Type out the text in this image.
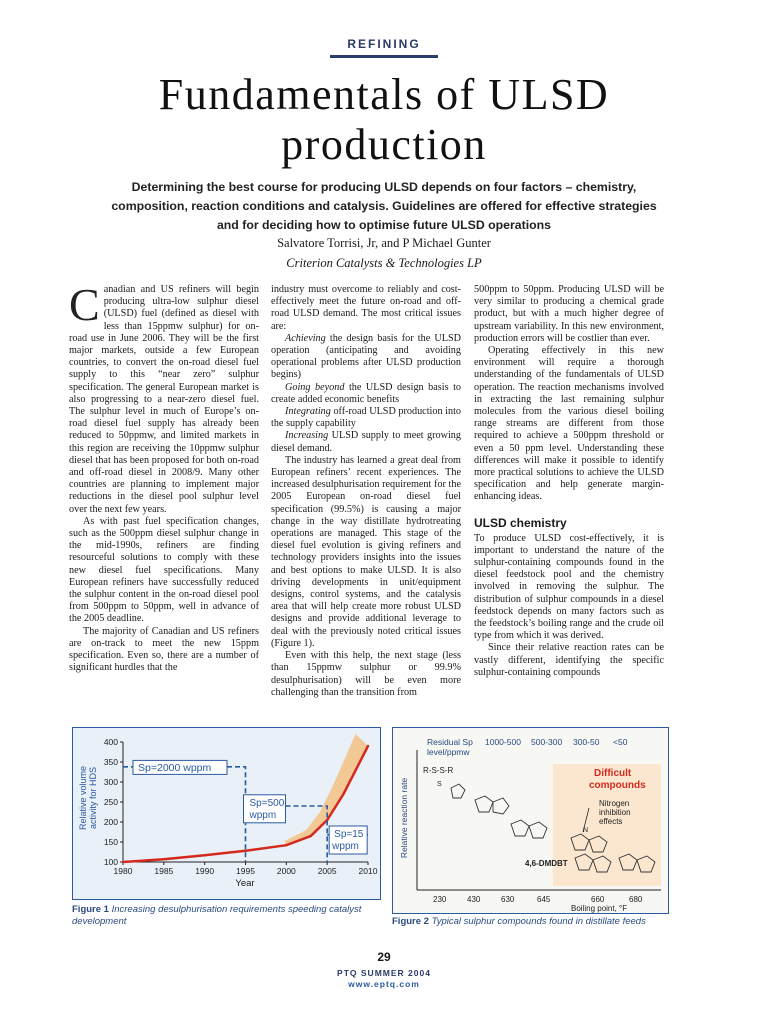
REFINING
Fundamentals of ULSD
production
Determining the best course for producing ULSD depends on four factors – chemistry, composition, reaction conditions and catalysis. Guidelines are offered for effective strategies and for deciding how to optimise future ULSD operations
Salvatore Torrisi, Jr, and P Michael Gunter
Criterion Catalysts & Technologies LP

Canadian and US refiners will begin producing ultra-low sulphur diesel (ULSD) fuel (defined as diesel with less than 15ppmw sulphur) for on-road use in June 2006. They will be the first major markets, outside a few European countries, to convert the on-road diesel fuel supply to this “near zero” sulphur specification. The general European market is also progressing to a near-zero diesel fuel. The sulphur level in much of Europe’s on-road diesel fuel supply has already been reduced to 50ppmw, and limited markets in this region are receiving the 10ppmw sulphur diesel that has been proposed for both on-road and off-road diesel in 2008/9. Many other countries are planning to implement major reductions in the diesel pool sulphur level over the next few years.

As with past fuel specification changes, such as the 500ppm diesel sulphur change in the mid-1990s, refiners are finding resourceful solutions to comply with these new diesel fuel specifications. Many European refiners have successfully reduced the sulphur content in the on-road diesel pool from 500ppm to 50ppm, well in advance of the 2005 deadline.

The majority of Canadian and US refiners are on-track to meet the new 15ppm specification. Even so, there are a number of significant hurdles that the

industry must overcome to reliably and cost-effectively meet the future on-road and off-road ULSD demand. The most critical issues are:

Achieving the design basis for the ULSD operation (anticipating and avoiding operational problems after ULSD production begins)

Going beyond the ULSD design basis to create added economic benefits

Integrating off-road ULSD production into the supply capability

Increasing ULSD supply to meet growing diesel demand.

The industry has learned a great deal from European refiners’ recent experiences. The increased desulphurisation requirement for the 2005 European on-road diesel fuel specification (99.5%) is causing a major change in the way distillate hydrotreating operations are managed. This stage of the diesel fuel evolution is giving refiners and technology providers insights into the issues and best options to make ULSD. It is also driving developments in unit/equipment designs, control systems, and the catalysis area that will help create more robust ULSD designs and provide additional leverage to deal with the previously noted critical issues (Figure 1).

Even with this help, the next stage (less than 15ppmw sulphur or 99.9% desulphurisation) will be even more challenging than the transition from

500ppm to 50ppm. Producing ULSD will be very similar to producing a chemical grade product, but with a much higher degree of upstream variability. In this new environment, production errors will be costlier than ever.

Operating effectively in this new environment will require a thorough understanding of the fundamentals of ULSD operation. The reaction mechanisms involved in extracting the last remaining sulphur molecules from the various diesel boiling range streams are different from those required to achieve a 500ppm threshold or even a 50 ppm level. Understanding these differences will make it possible to identify more practical solutions to achieve the ULSD specification and help generate margin-enhancing ideas.

ULSD chemistry

To produce ULSD cost-effectively, it is important to understand the nature of the sulphur-containing compounds found in the diesel feedstock pool and the chemistry involved in removing the sulphur. The distribution of sulphur compounds in a diesel feedstock depends on many factors such as the feedstock’s boiling range and the crude oil type from which it was derived.

Since their relative reaction rates can be vastly different, identifying the specific sulphur-containing compounds

100
150
200
250
300
350
400
1980	1985	1990	1995	2000	2005	2010
Sp=2000 wppm
Sp=500
wppm
Sp=15
wppm
Relative volume activity for HDS
Year
Figure 1 Increasing desulphurisation requirements speeding catalyst development
Residual Sp
level/ppmw
1000-500 500-300 300-50 <50
Relative reaction rate
R-S-S-R
S
Difficult
compounds
Nitrogen
inhibition
effects
N
4,6-DMDBT
230	430	630	645	660	680
Boiling point, °F
Figure 2 Typical sulphur compounds found in distillate feeds
29
PTQ SUMMER 2004
www.eptq.com
